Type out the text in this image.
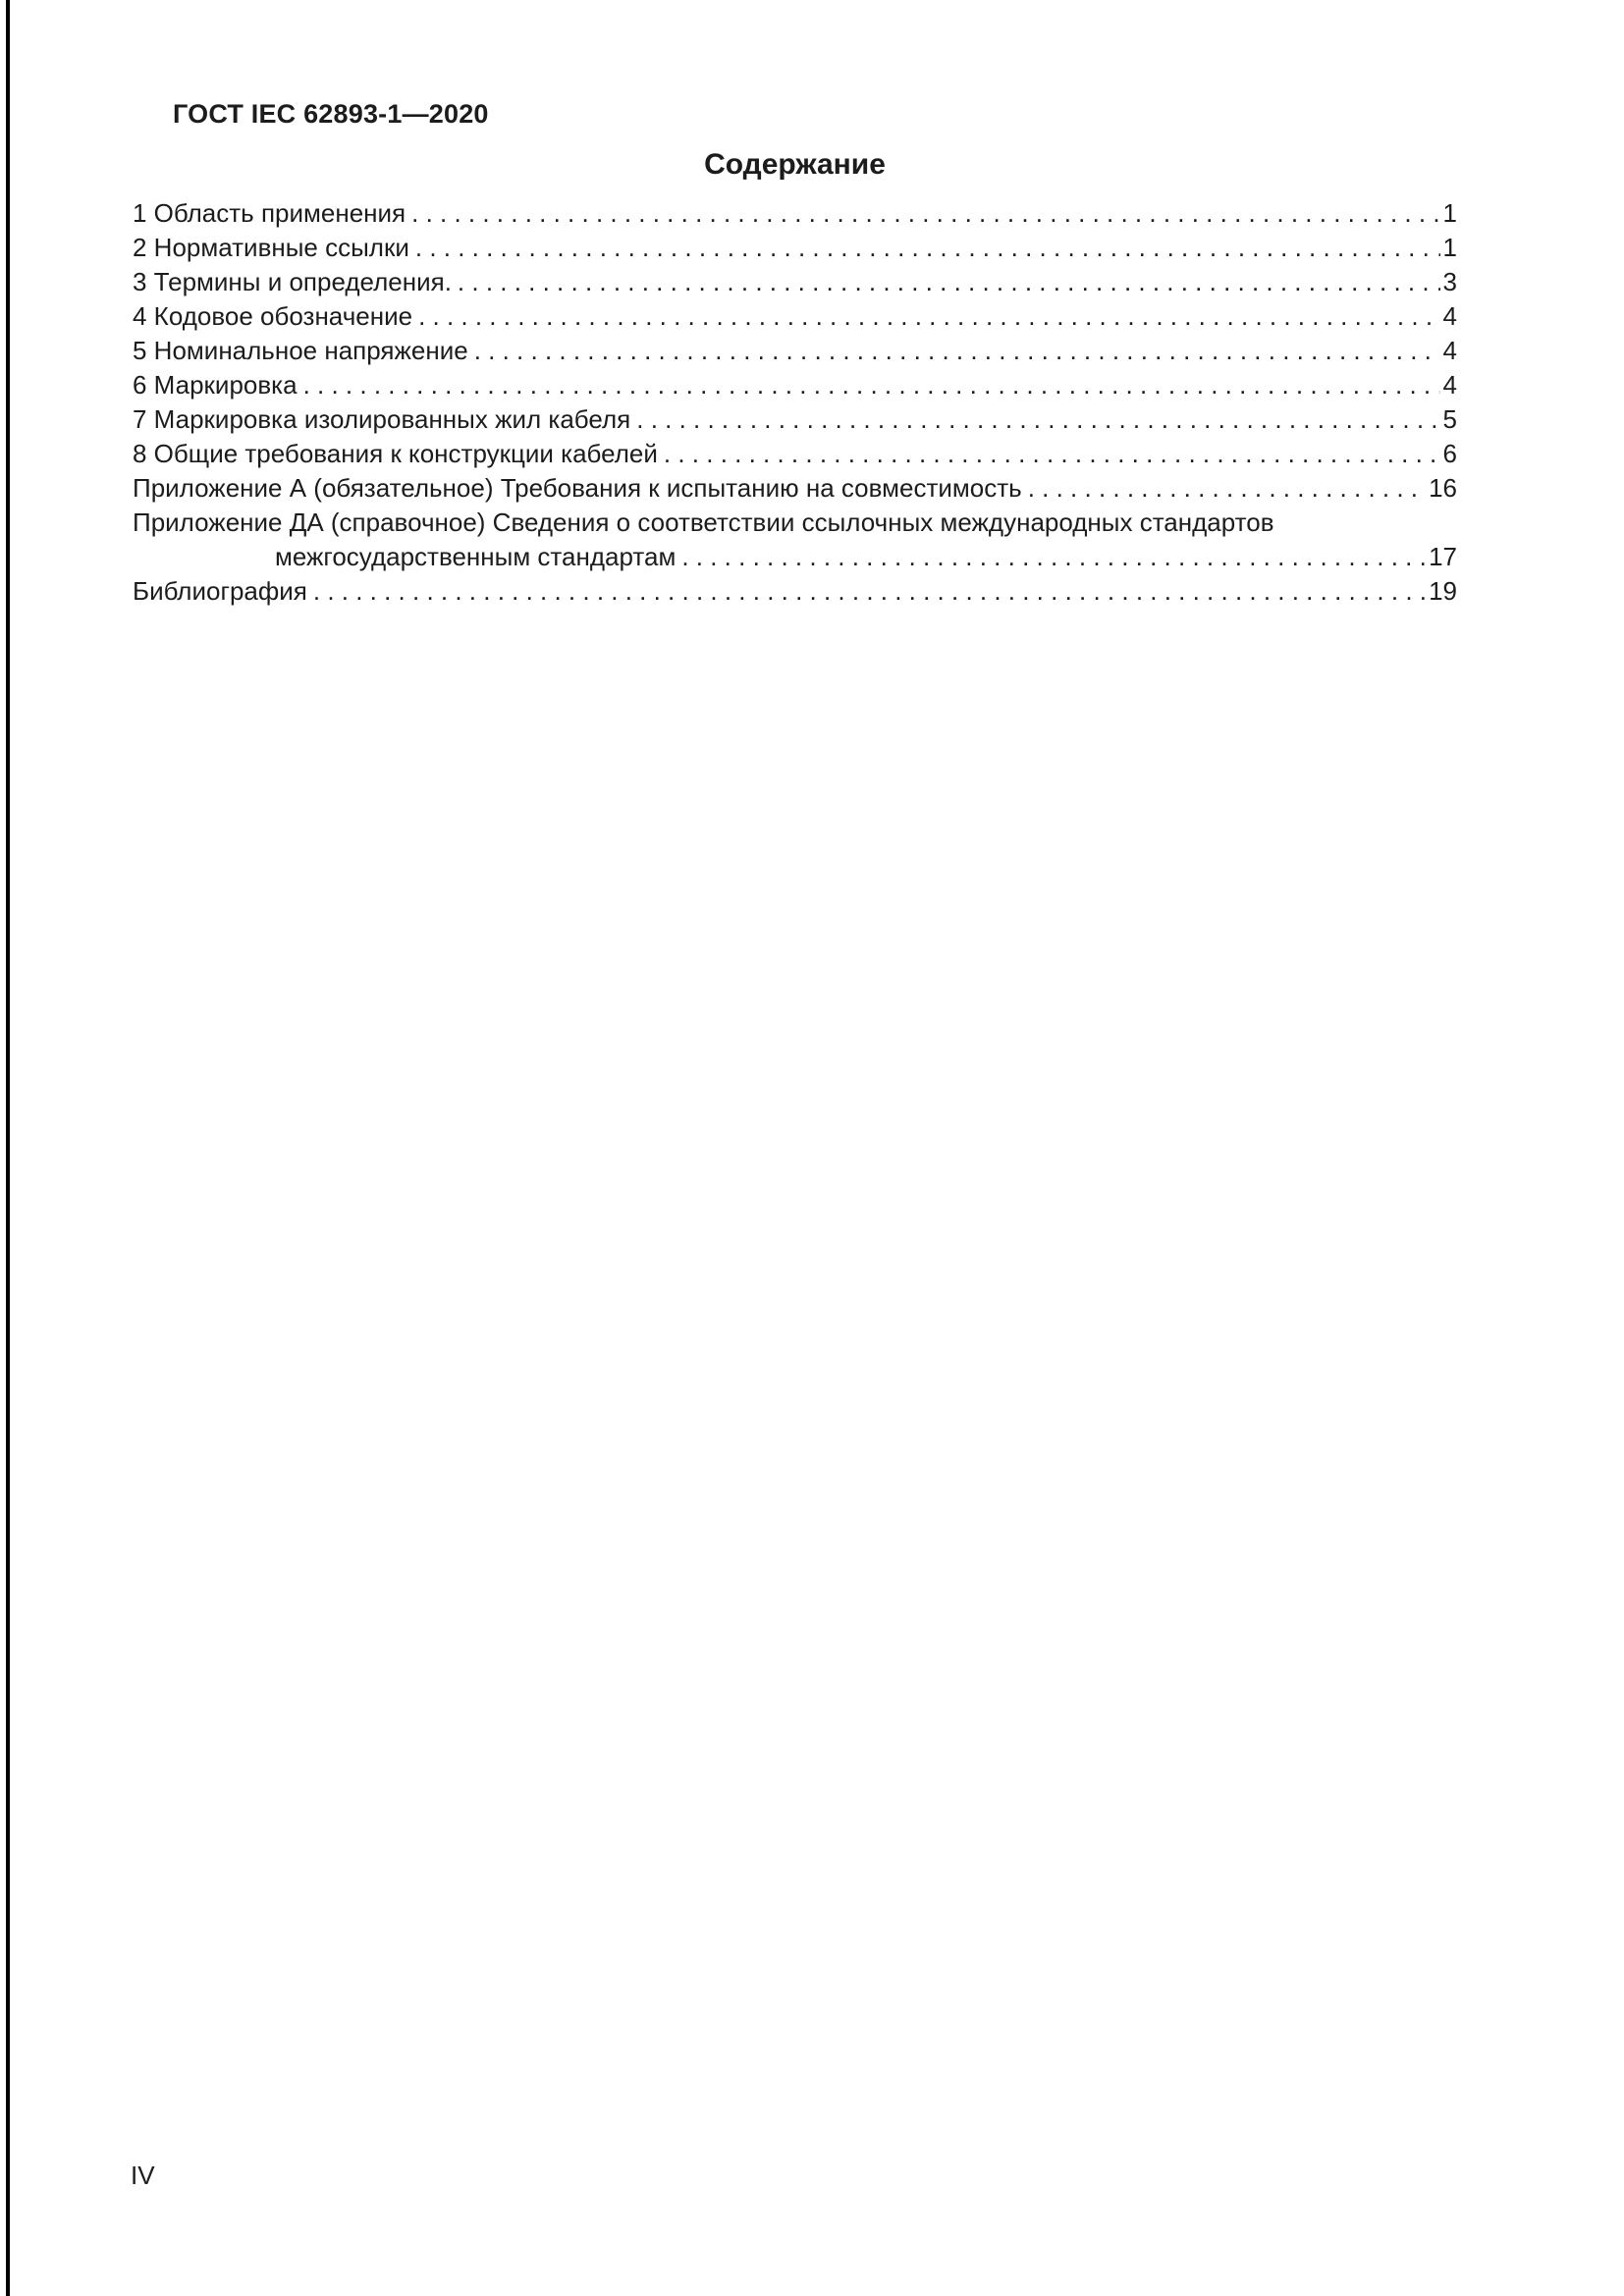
ГОСТ IEC 62893-1—2020
Содержание
1 Область применения . . .	1
2 Нормативные ссылки . . .	1
3 Термины и определения. . . .	3
4 Кодовое обозначение . . .	4
5 Номинальное напряжение . . .	4
6 Маркировка . . .	4
7 Маркировка изолированных жил кабеля . . .	5
8 Общие требования к конструкции кабелей . . .	6
Приложение А (обязательное) Требования к испытанию на совместимость . . .	16
Приложение ДА (справочное) Сведения о соответствии ссылочных международных стандартов
межгосударственным стандартам . . .	17
Библиография . . .	19
IV
